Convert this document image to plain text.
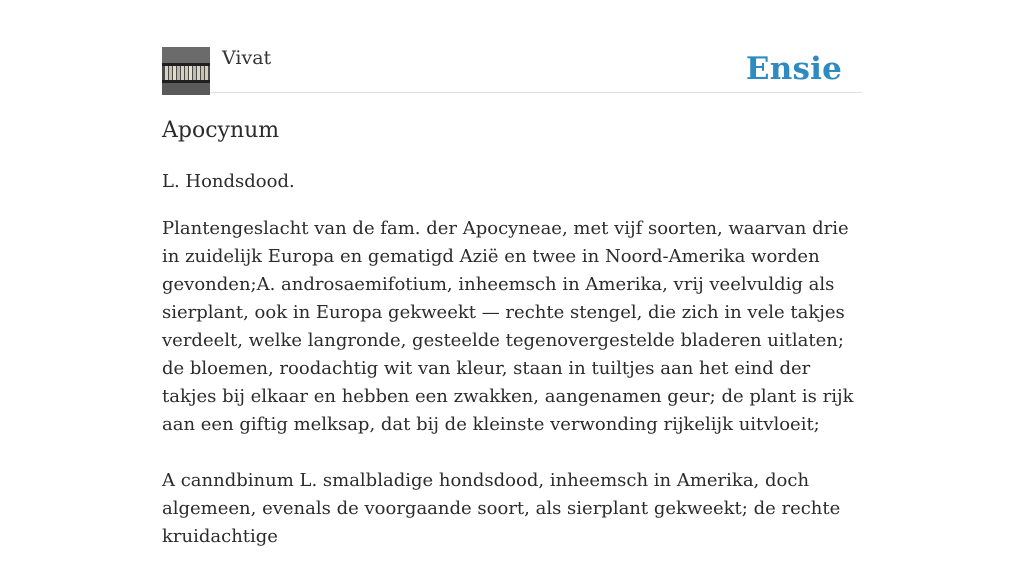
Vivat	Ensie
Apocynum

L. Hondsdood.

Plantengeslacht van de fam. der Apocyneae, met vijf soorten, waarvan drie in zuidelijk Europa en gematigd Azië en twee in Noord-Amerika worden gevonden;A. androsaemifotium, inheemsch in Amerika, vrij veelvuldig als sierplant, ook in Europa gekweekt — rechte stengel, die zich in vele takjes verdeelt, welke langronde, gesteelde tegenovergestelde bladeren uitlaten; de bloemen, roodachtig wit van kleur, staan in tuiltjes aan het eind der takjes bij elkaar en hebben een zwakken, aangenamen geur; de plant is rijk aan een giftig melksap, dat bij de kleinste verwonding rijkelijk uitvloeit;

A canndbinum L. smalbladige hondsdood, inheemsch in Amerika, doch algemeen, evenals de voorgaande soort, als sierplant gekweekt; de rechte kruidachtige
